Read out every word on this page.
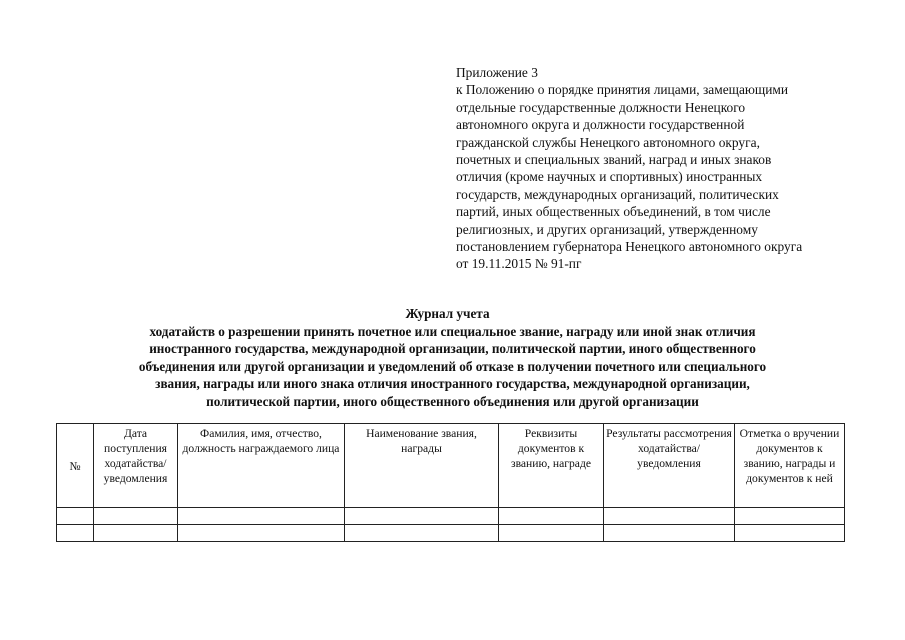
Приложение 3
к Положению о порядке принятия лицами, замещающими
отдельные государственные должности Ненецкого
автономного округа и должности государственной
гражданской службы Ненецкого автономного округа,
почетных и специальных званий, наград и иных знаков
отличия (кроме научных и спортивных) иностранных
государств, международных организаций, политических
партий, иных общественных объединений, в том числе
религиозных, и других организаций, утвержденному
постановлением губернатора Ненецкого автономного округа
от 19.11.2015 № 91-пг
Журнал учета
ходатайств о разрешении принять почетное или специальное звание, награду или иной знак отличия
иностранного государства, международной организации, политической партии, иного общественного
объединения или другой организации и уведомлений об отказе в получении почетного или специального
звания, награды или иного знака отличия иностранного государства, международной организации,
политической партии, иного общественного объединения или другой организации
№	Дата поступления ходатайства/ уведомления	Фамилия, имя, отчество, должность награждаемого лица	Наименование звания, награды	Реквизиты документов к званию, награде	Результаты рассмотрения ходатайства/ уведомления	Отметка о вручении документов к званию, награды и документов к ней
